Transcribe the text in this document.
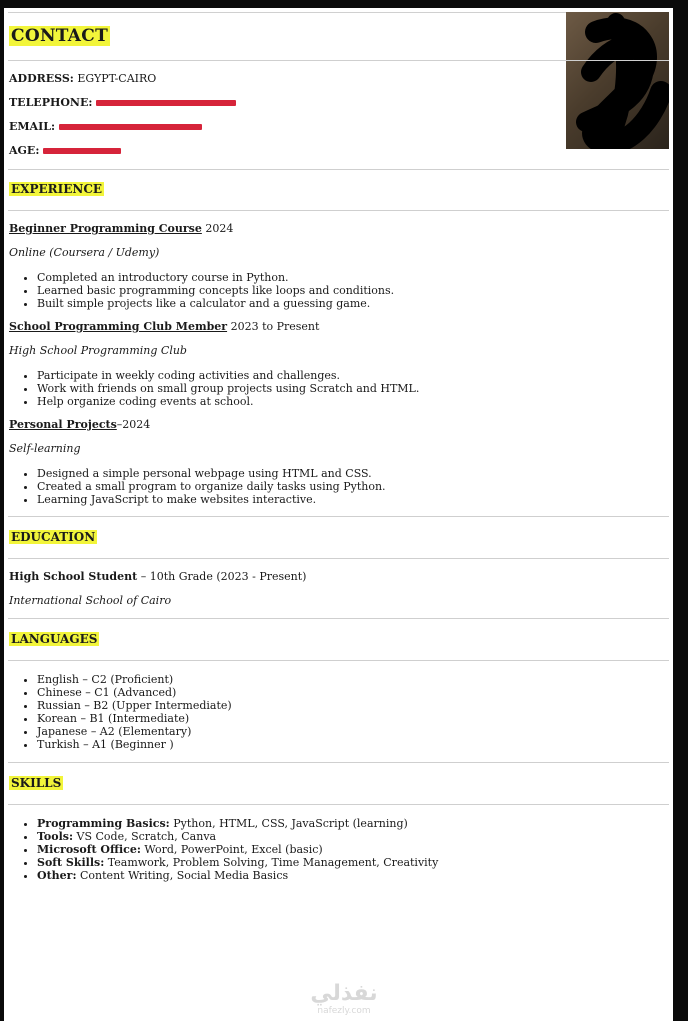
CONTACT
ADDRESS: EGYPT-CAIRO
TELEPHONE:
EMAIL:
AGE:
EXPERIENCE
Beginner Programming Course 2024
Online (Coursera / Udemy)
• Completed an introductory course in Python.
• Learned basic programming concepts like loops and conditions.
• Built simple projects like a calculator and a guessing game.
School Programming Club Member 2023 to Present
High School Programming Club
• Participate in weekly coding activities and challenges.
• Work with friends on small group projects using Scratch and HTML.
• Help organize coding events at school.
Personal Projects–2024
Self-learning
• Designed a simple personal webpage using HTML and CSS.
• Created a small program to organize daily tasks using Python.
• Learning JavaScript to make websites interactive.
EDUCATION
High School Student – 10th Grade (2023 - Present)
International School of Cairo
LANGUAGES
• English – C2 (Proficient)
• Chinese – C1 (Advanced)
• Russian – B2 (Upper Intermediate)
• Korean – B1 (Intermediate)
• Japanese – A2 (Elementary)
• Turkish – A1 (Beginner )
SKILLS
• Programming Basics: Python, HTML, CSS, JavaScript (learning)
• Tools: VS Code, Scratch, Canva
• Microsoft Office: Word, PowerPoint, Excel (basic)
• Soft Skills: Teamwork, Problem Solving, Time Management, Creativity
• Other: Content Writing, Social Media Basics
نفذلي
nafezly.com
